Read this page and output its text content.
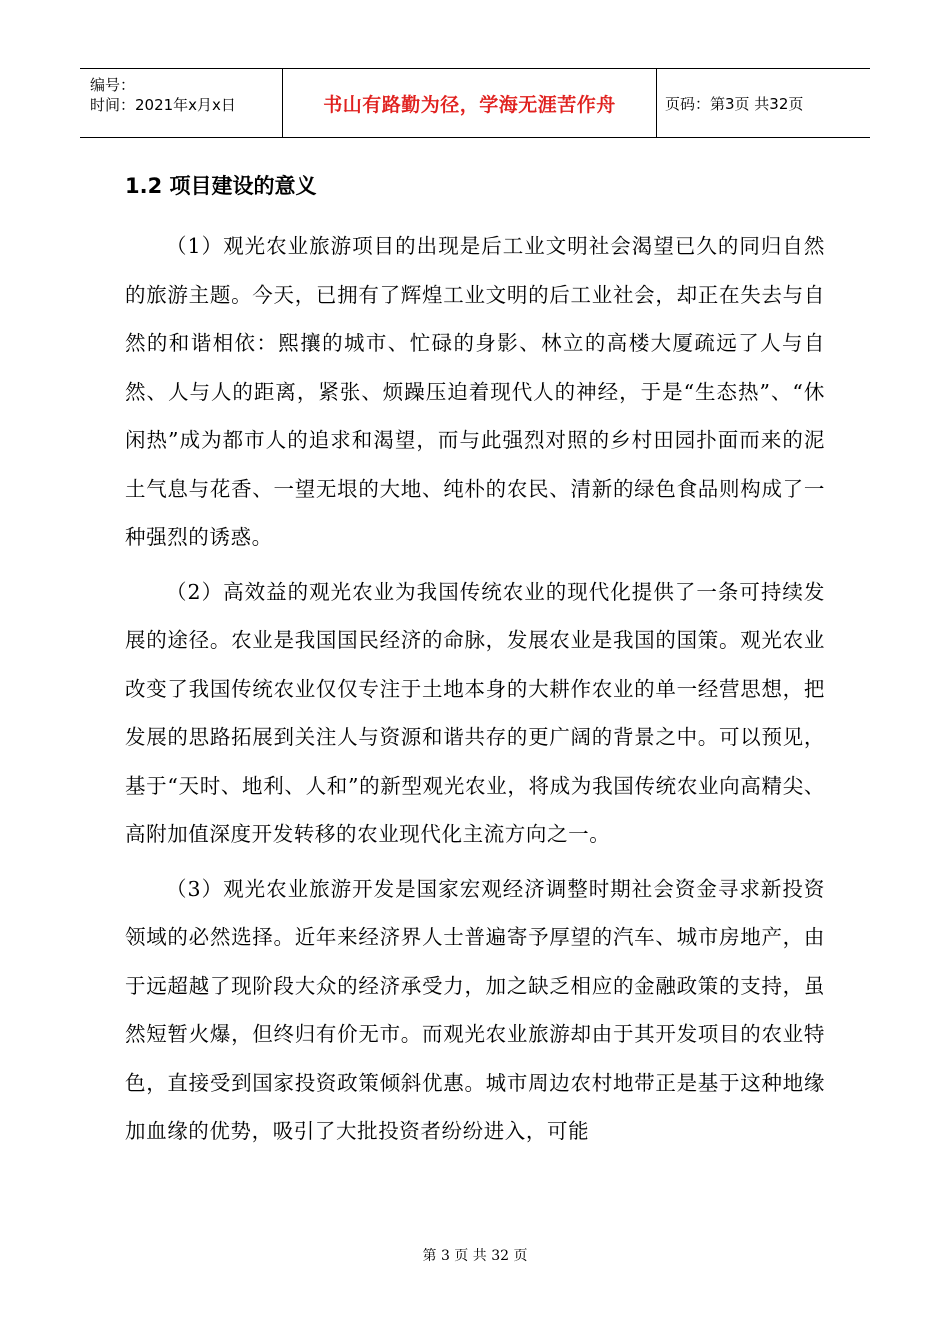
编号：
时间：2021年x月x日	书山有路勤为径，学海无涯苦作舟	页码：第3页 共32页
1.2 项目建设的意义

（1）观光农业旅游项目的出现是后工业文明社会渴望已久的同归自然的旅游主题。今天，已拥有了辉煌工业文明的后工业社会，却正在失去与自然的和谐相依：熙攘的城市、忙碌的身影、林立的高楼大厦疏远了人与自然、人与人的距离，紧张、烦躁压迫着现代人的神经，于是“生态热”、“休闲热”成为都市人的追求和渴望，而与此强烈对照的乡村田园扑面而来的泥土气息与花香、一望无垠的大地、纯朴的农民、清新的绿色食品则构成了一种强烈的诱惑。

（2）高效益的观光农业为我国传统农业的现代化提供了一条可持续发展的途径。农业是我国国民经济的命脉，发展农业是我国的国策。观光农业改变了我国传统农业仅仅专注于土地本身的大耕作农业的单一经营思想，把发展的思路拓展到关注人与资源和谐共存的更广阔的背景之中。可以预见，基于“天时、地利、人和”的新型观光农业，将成为我国传统农业向高精尖、高附加值深度开发转移的农业现代化主流方向之一。

（3）观光农业旅游开发是国家宏观经济调整时期社会资金寻求新投资领域的必然选择。近年来经济界人士普遍寄予厚望的汽车、城市房地产，由于远超越了现阶段大众的经济承受力，加之缺乏相应的金融政策的支持，虽然短暂火爆，但终归有价无市。而观光农业旅游却由于其开发项目的农业特色，直接受到国家投资政策倾斜优惠。城市周边农村地带正是基于这种地缘加血缘的优势，吸引了大批投资者纷纷进入，可能

第 3 页 共 32 页
